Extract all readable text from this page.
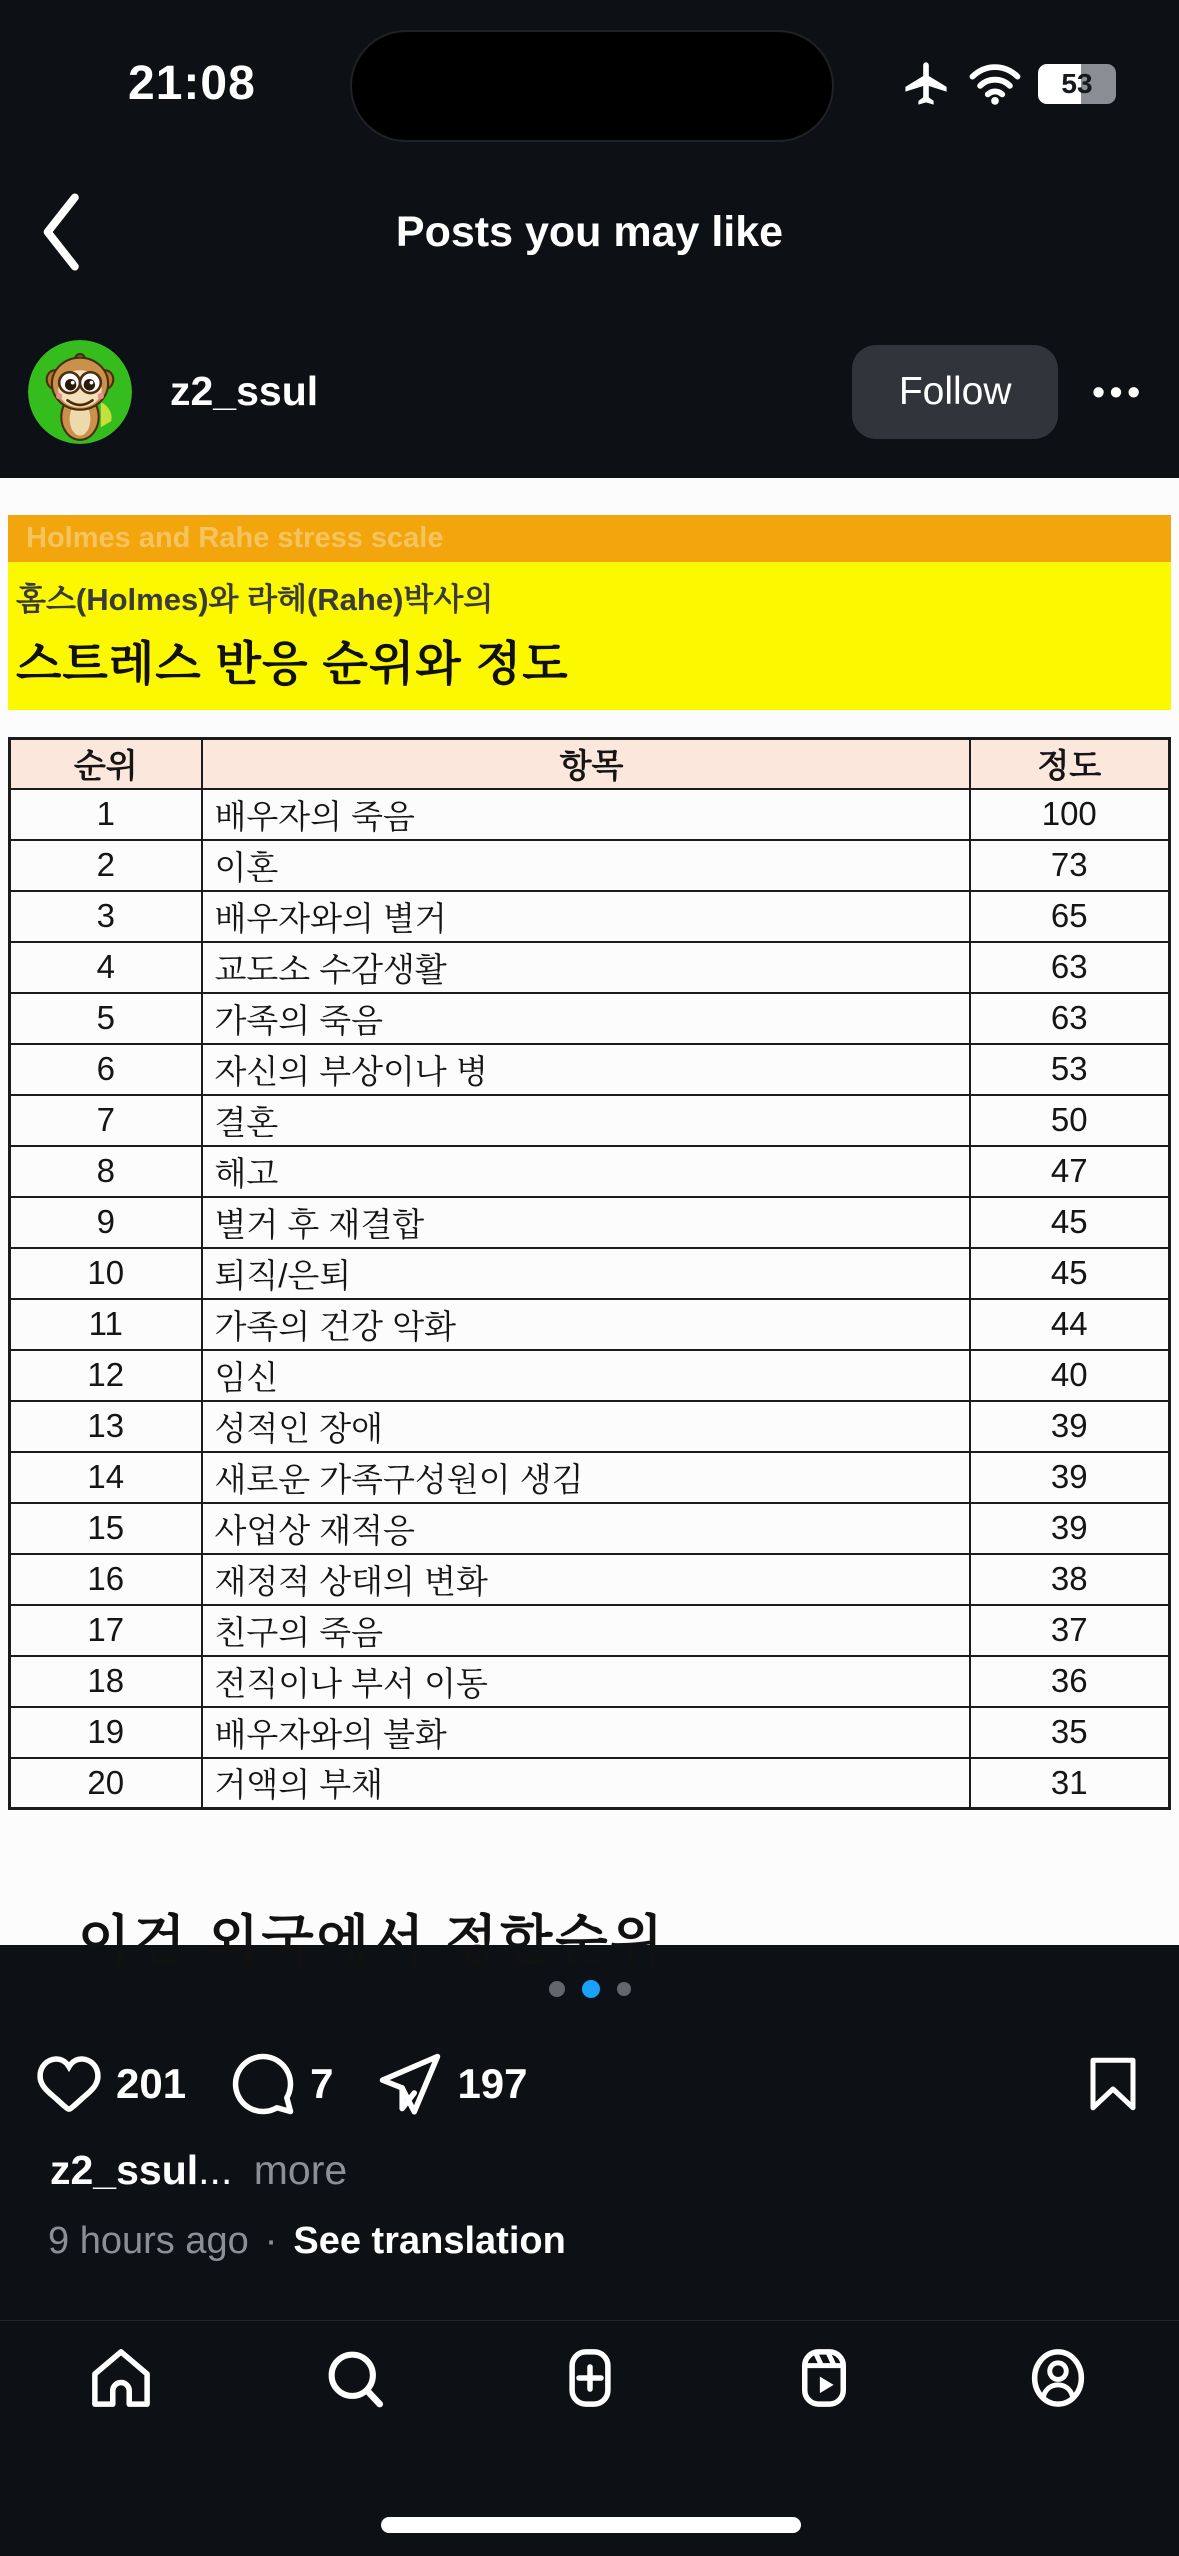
21:08	53
Posts you may like
z2_ssul	Follow	•••
Holmes and Rahe stress scale
홈스(Holmes)와 라헤(Rahe)박사의
스트레스 반응 순위와 정도
순위	항목	정도
1	배우자의 죽음	100
2	이혼	73
3	배우자와의 별거	65
4	교도소 수감생활	63
5	가족의 죽음	63
6	자신의 부상이나 병	53
7	결혼	50
8	해고	47
9	별거 후 재결합	45
10	퇴직/은퇴	45
11	가족의 건강 악화	44
12	임신	40
13	성적인 장애	39
14	새로운 가족구성원이 생김	39
15	사업상 재적응	39
16	재정적 상태의 변화	38
17	친구의 죽음	37
18	전직이나 부서 이동	36
19	배우자와의 불화	35
20	거액의 부채	31
이건 외국에서 정한순위
201	7	197
z2_ssul... more
9 hours ago · See translation
